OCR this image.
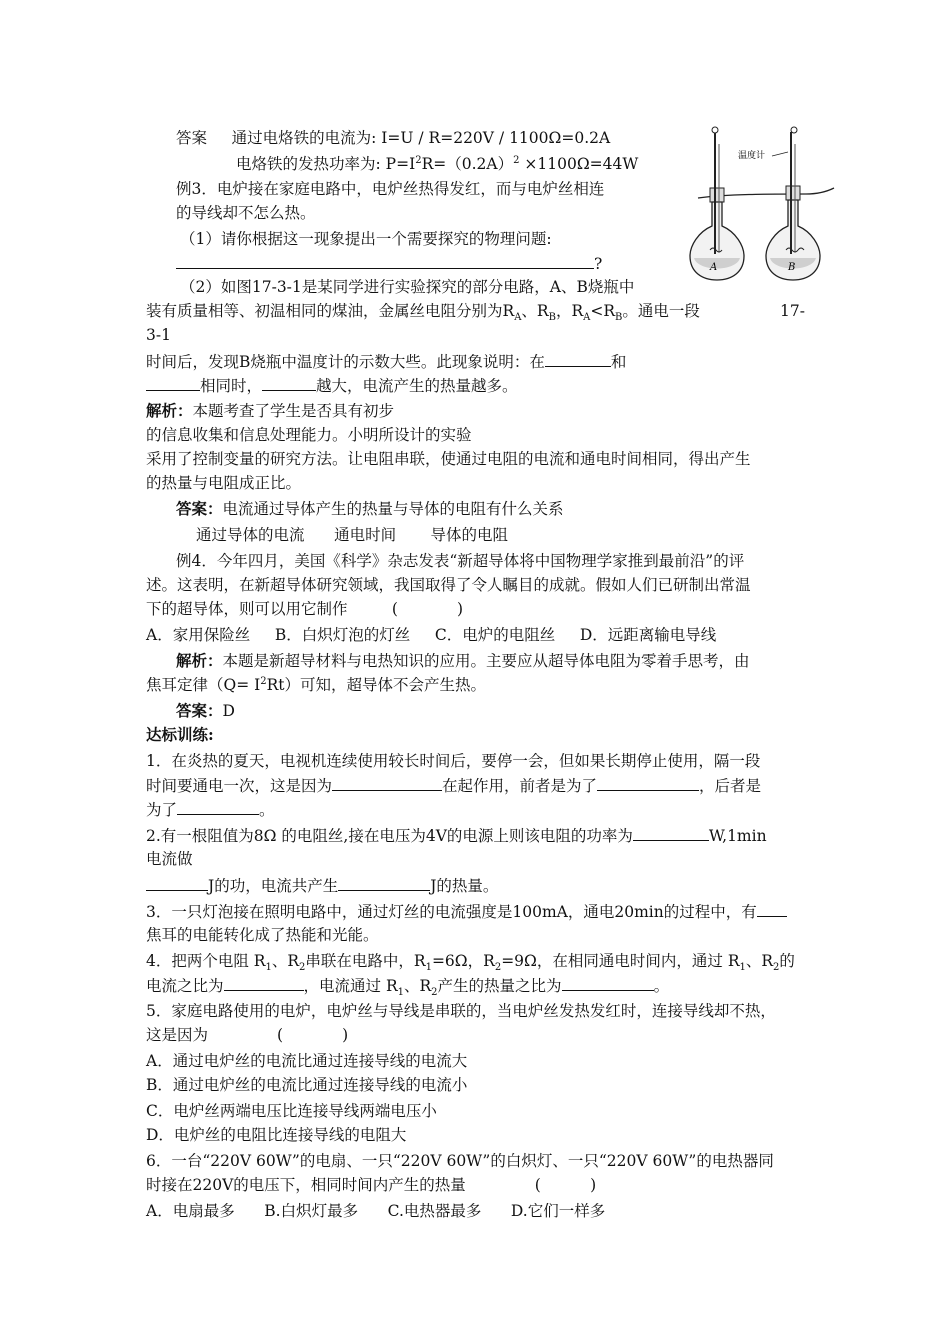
答案 通过电烙铁的电流为: I=U / R=220V / 1100Ω=0.2A
电烙铁的发热功率为: $P=I^2R=(0.2A)^2 \times 1100\Omega=44W$
例3．电炉接在家庭电路中，电炉丝热得发红，而与电炉丝相连
的导线却不怎么热。
（1）请你根据这一现象提出一个需要探究的物理问题:
?
（2）如图17-3-1是某同学进行实验探究的部分电路，A、B烧瓶中
装有质量相等、初温相同的煤油，金属丝电阻分别为$R_A$、$R_B$，$R_A<R_B$。通电一段	17-
3-1
时间后，发现B烧瓶中温度计的示数大些。此现象说明：在	和
相同时，	越大，电流产生的热量越多。
解析：本题考查了学生是否具有初步
的信息收集和信息处理能力。小明所设计的实验
采用了控制变量的研究方法。让电阻串联，使通过电阻的电流和通电时间相同，得出产生
的热量与电阻成正比。
答案：电流通过导体产生的热量与导体的电阻有什么关系
通过导体的电流      通电时间       导体的电阻
例4．今年四月，美国《科学》杂志发表“新超导体将中国物理学家推到最前沿”的评
述。这表明，在新超导体研究领域，我国取得了令人瞩目的成就。假如人们已研制出常温
下的超导体，则可以用它制作         (            )
A．家用保险丝     B．白炽灯泡的灯丝     C．电炉的电阻丝     D．远距离输电导线
解析：本题是新超导材料与电热知识的应用。主要应从超导体电阻为零着手思考，由
焦耳定律$(Q= I^2Rt)$可知，超导体不会产生热。
答案：D
达标训练:
1．在炎热的夏天，电视机连续使用较长时间后，要停一会，但如果长期停止使用，隔一段
时间要通电一次，这是因为	在起作用，前者是为了	，后者是
为了	。
2.有一根阻值为8Ω 的电阻丝,接在电压为4V的电源上则该电阻的功率为	W,1min
电流做
J的功，电流共产生	J的热量。
3．一只灯泡接在照明电路中，通过灯丝的电流强度是100mA，通电20min的过程中，有
焦耳的电能转化成了热能和光能。
4．把两个电阻 $R_1$、$R_2$串联在电路中，$R_1=6\Omega$，$R_2=9\Omega$，在相同通电时间内，通过 $R_1$、$R_2$的
电流之比为	，电流通过 $R_1$、$R_2$产生的热量之比为	。
5．家庭电路使用的电炉，电炉丝与导线是串联的，当电炉丝发热发红时，连接导线却不热，
这是因为              (            )
A．通过电炉丝的电流比通过连接导线的电流大
B．通过电炉丝的电流比通过连接导线的电流小
C．电炉丝两端电压比连接导线两端电压小
D．电炉丝的电阻比连接导线的电阻大
6．一台“220V 60W”的电扇、一只“220V 60W”的白炽灯、一只“220V 60W”的电热器同
时接在220V的电压下，相同时间内产生的热量              (          )
A．电扇最多      B.白炽灯最多      C.电热器最多      D.它们一样多
A	B
温度计
